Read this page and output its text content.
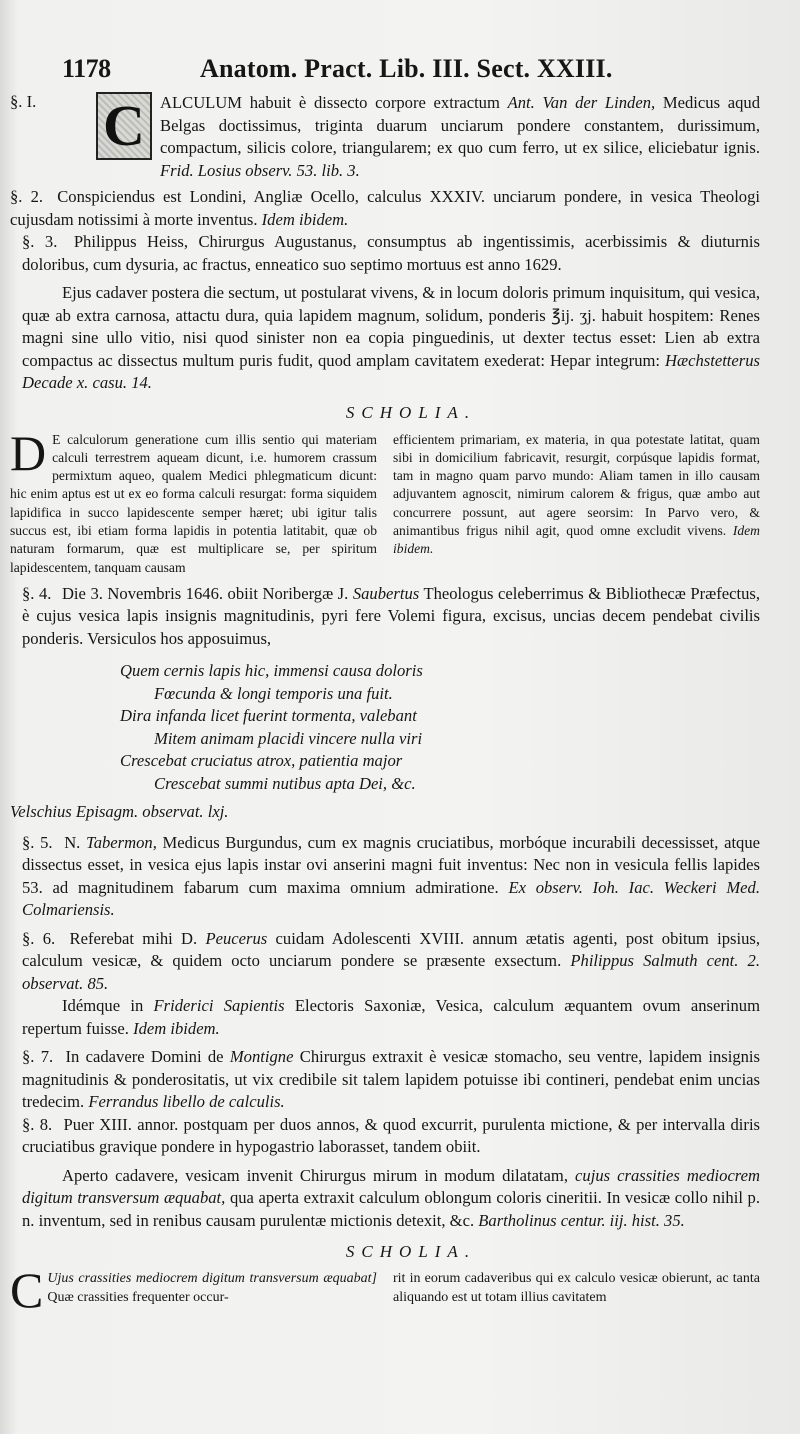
1178	Anatom. Pract. Lib. III. Sect. XXIII.
§. I. C ALCULUM habuit è dissecto corpore extractum Ant. Van der Linden, Medicus aqud Belgas doctissimus, triginta duarum unciarum pondere constantem, durissimum, compactum, silicis colore, triangularem; ex quo cum ferro, ut ex silice, eliciebatur ignis. Frid. Losius observ. 53. lib. 3.

§. 2. Conspiciendus est Londini, Angliæ Ocello, calculus XXXIV. unciarum pondere, in vesica Theologi cujusdam notissimi à morte inventus. Idem ibidem.

§. 3. Philippus Heiss, Chirurgus Augustanus, consumptus ab ingentissimis, acerbissimis & diuturnis doloribus, cum dysuria, ac fractus, enneatico suo septimo mortuus est anno 1629.

Ejus cadaver postera die sectum, ut postularat vivens, & in locum doloris primum inquisitum, qui vesica, quæ ab extra carnosa, attactu dura, quia lapidem magnum, solidum, ponderis ℥ij. ʒj. habuit hospitem: Renes magni sine ullo vitio, nisi quod sinister non ea copia pinguedinis, ut dexter tectus esset: Lien ab extra compactus ac dissectus multum puris fudit, quod amplam cavitatem exederat: Hepar integrum: Hæchstetterus Decade x. casu. 14.

SCHOLIA.
D E calculorum generatione cum illis sentio qui materiam calculi terrestrem aqueam dicunt, i.e. humorem crassum permixtum aqueo, qualem Medici phlegmaticum dicunt: hic enim aptus est ut ex eo forma calculi resurgat: forma siquidem lapidifica in succo lapidescente semper hæret; ubi igitur talis succus est, ibi etiam forma lapidis in potentia latitabit, quæ ob naturam formarum, quæ est multiplicare se, per spiritum lapidescentem, tanquam causam
efficientem primariam, ex materia, in qua potestate latitat, quam sibi in domicilium fabricavit, resurgit, corpúsque lapidis format, tam in magno quam parvo mundo: Aliam tamen in illo causam adjuvantem agnoscit, nimirum calorem & frigus, quæ ambo aut concurrere possunt, aut agere seorsim: In Parvo vero, & animantibus frigus nihil agit, quod omne excludit vivens. Idem ibidem.

§. 4. Die 3. Novembris 1646. obiit Noribergæ J. Saubertus Theologus celeberrimus & Bibliothecæ Præfectus, è cujus vesica lapis insignis magnitudinis, pyri fere Volemi figura, excisus, uncias decem pendebat civilis ponderis. Versiculos hos apposuimus,

Quem cernis lapis hic, immensi causa doloris
Fœcunda & longi temporis una fuit.
Dira infanda licet fuerint tormenta, valebant
Mitem animam placidi vincere nulla viri
Crescebat cruciatus atrox, patientia major
Crescebat summi nutibus apta Dei, &c.

Velschius Episagm. observat. lxj.

§. 5. N. Tabermon, Medicus Burgundus, cum ex magnis cruciatibus, morbóque incurabili decessisset, atque dissectus esset, in vesica ejus lapis instar ovi anserini magni fuit inventus: Nec non in vesicula fellis lapides 53. ad magnitudinem fabarum cum maxima omnium admiratione. Ex observ. Ioh. Iac. Weckeri Med. Colmariensis.

§. 6. Referebat mihi D. Peucerus cuidam Adolescenti XVIII. annum ætatis agenti, post obitum ipsius, calculum vesicæ, & quidem octo unciarum pondere se præsente exsectum. Philippus Salmuth cent. 2. observat. 85.

Idémque in Friderici Sapientis Electoris Saxoniæ, Vesica, calculum æquantem ovum anserinum repertum fuisse. Idem ibidem.

§. 7. In cadavere Domini de Montigne Chirurgus extraxit è vesicæ stomacho, seu ventre, lapidem insignis magnitudinis & ponderositatis, ut vix credibile sit talem lapidem potuisse ibi contineri, pendebat enim uncias tredecim. Ferrandus libello de calculis.

§. 8. Puer XIII. annor. postquam per duos annos, & quod excurrit, purulenta mictione, & per intervalla diris cruciatibus gravique pondere in hypogastrio laborasset, tandem obiit.

Aperto cadavere, vesicam invenit Chirurgus mirum in modum dilatatam, cujus crassities mediocrem digitum transversum æquabat, qua aperta extraxit calculum oblongum coloris cineritii. In vesicæ collo nihil p. n. inventum, sed in renibus causam purulentæ mictionis detexit, &c. Bartholinus centur. iij. hist. 35.

SCHOLIA.
C Ujus crassities mediocrem digitum transversum æquabat] Quæ crassities frequenter occur-
rit in eorum cadaveribus qui ex calculo vesicæ obierunt, ac tanta aliquando est ut totam illius cavitatem
